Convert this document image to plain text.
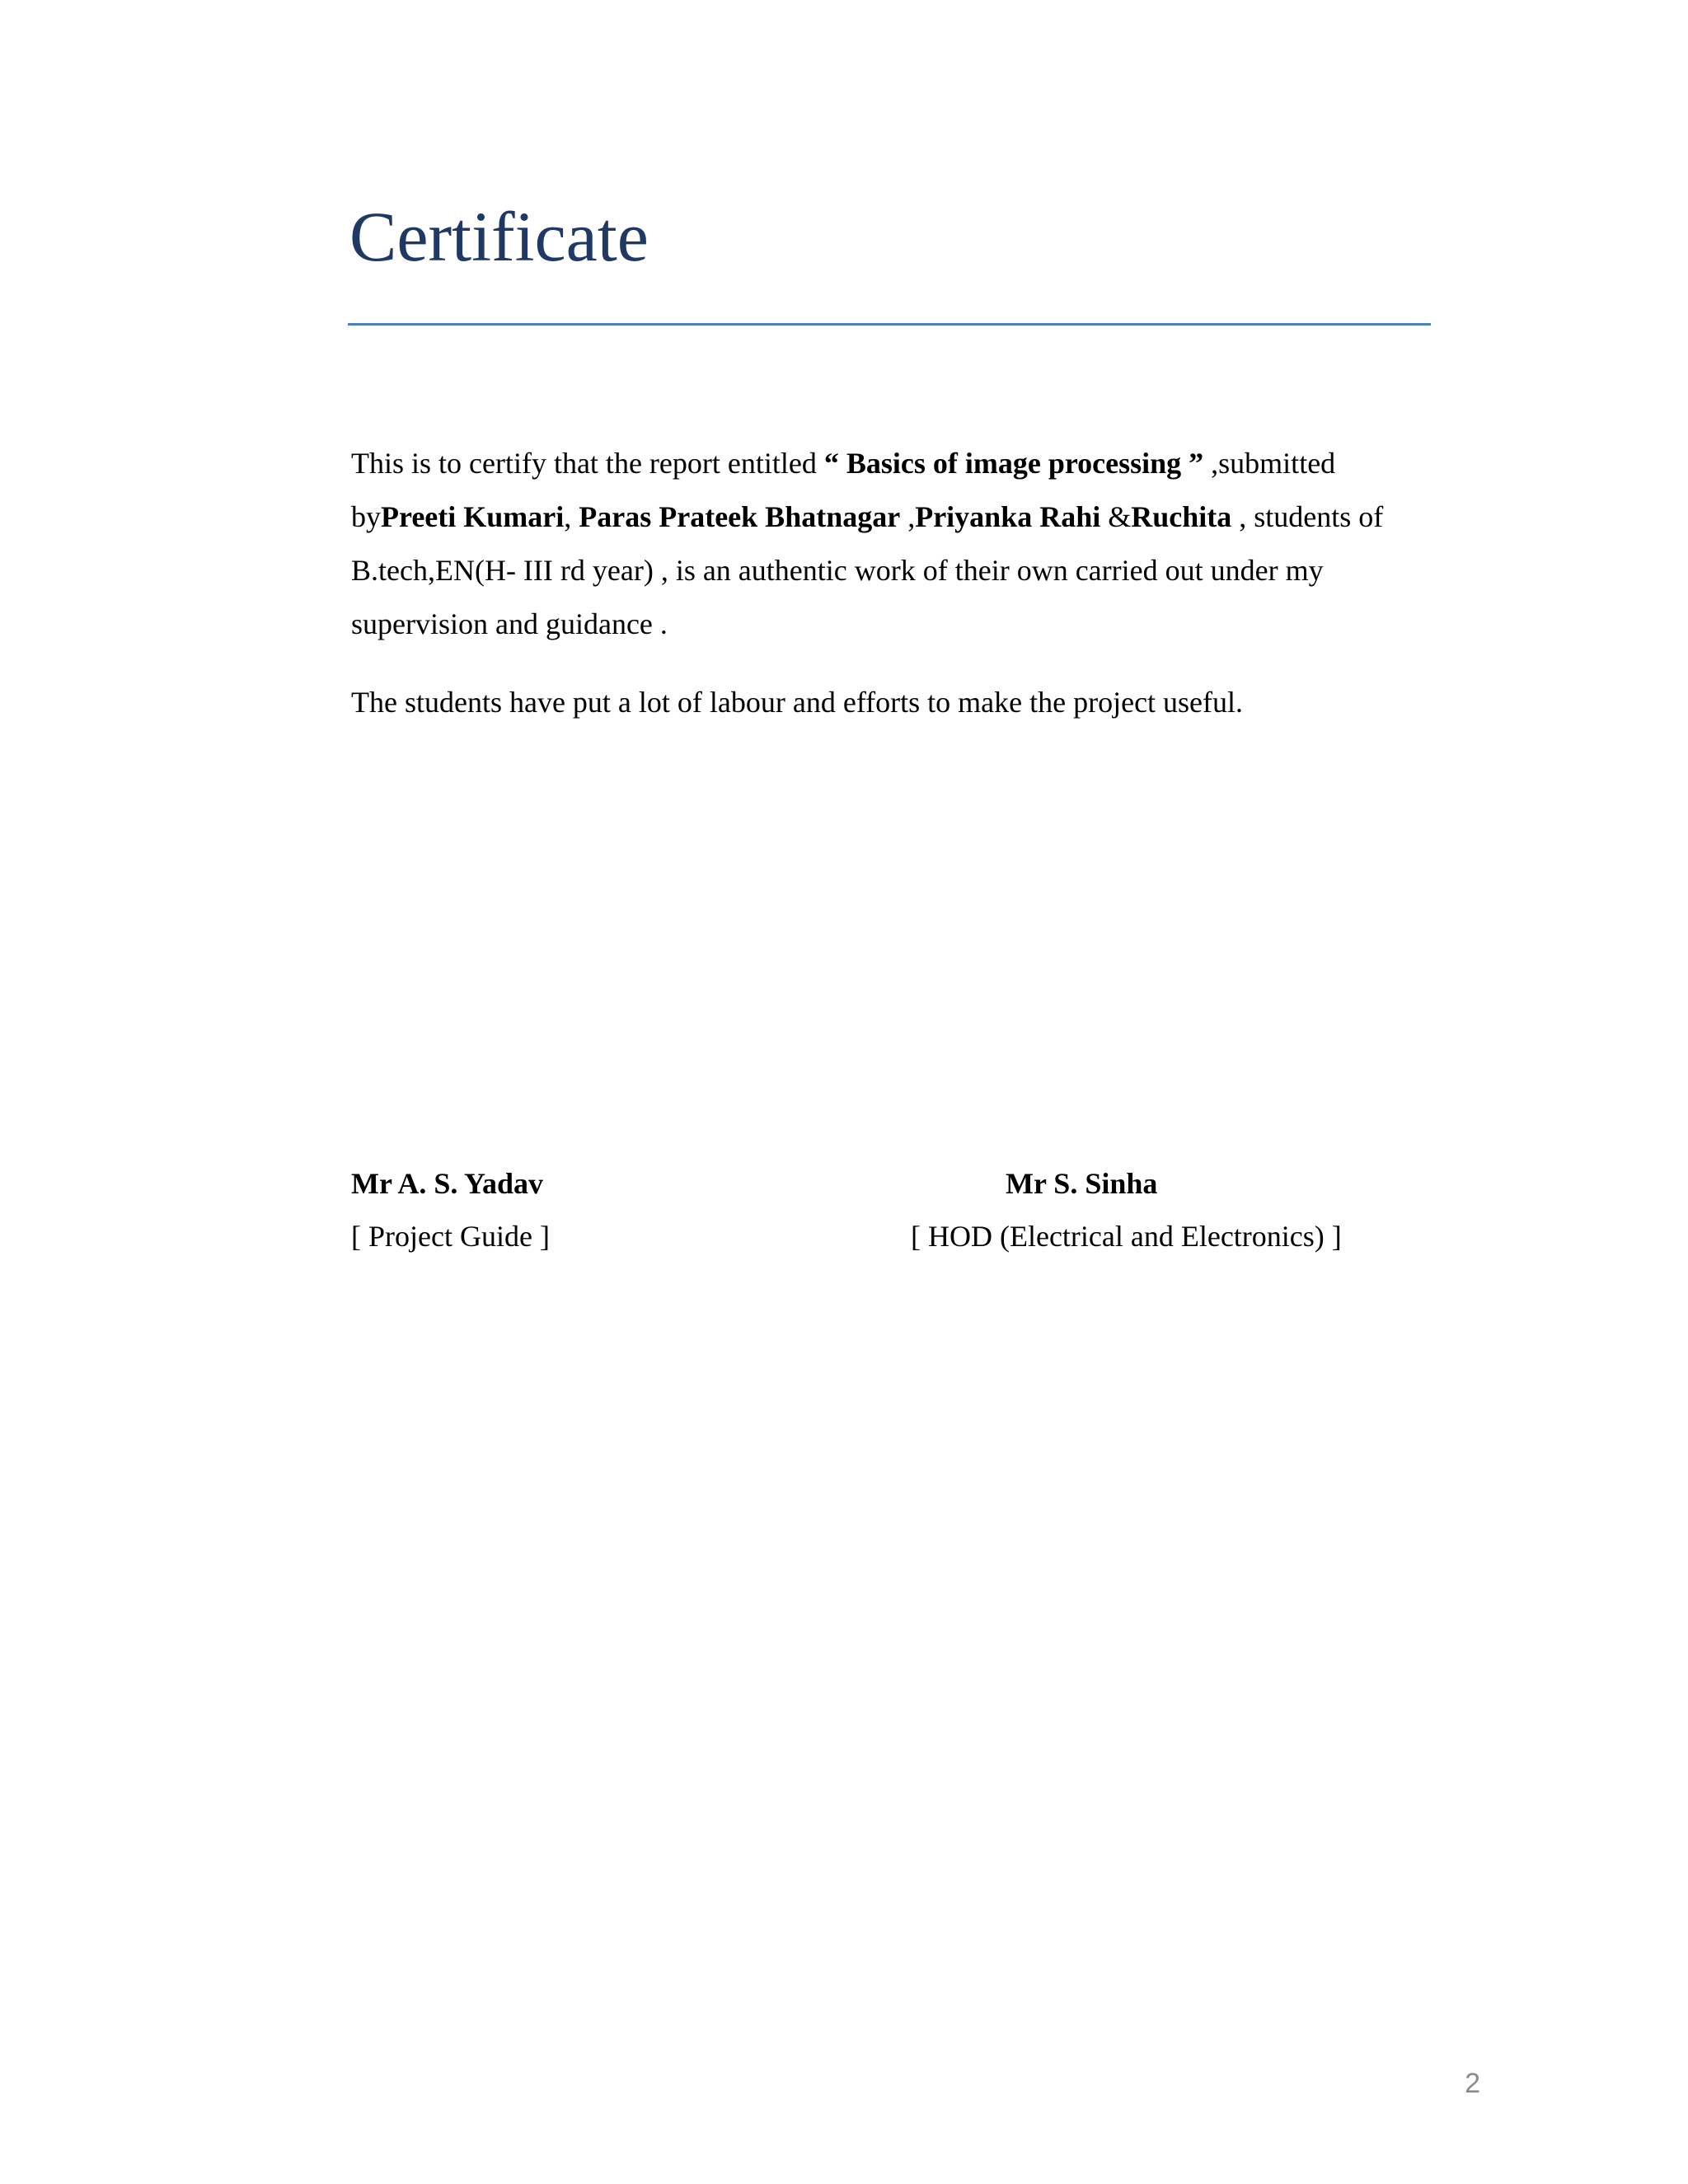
Certificate

This is to certify that the report entitled “ Basics of image processing ” ,submitted byPreeti Kumari, Paras Prateek Bhatnagar ,Priyanka Rahi &Ruchita , students of B.tech,EN(H- III rd year) , is an authentic work of their own carried out under my supervision and guidance .

The students have put a lot of labour and efforts to make the project useful.

Mr A. S. Yadav
[ Project Guide ]
Mr S. Sinha
[ HOD (Electrical and Electronics) ]
2
